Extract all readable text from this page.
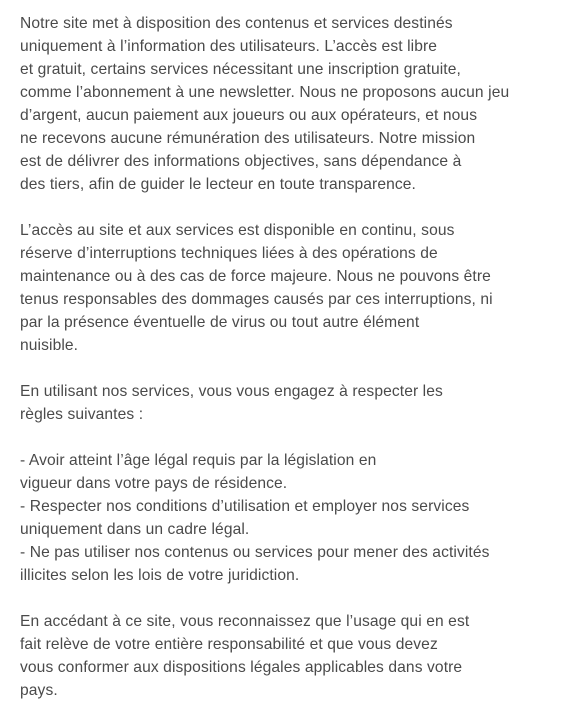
Notre site met à disposition des contenus et services destinés
uniquement à l’information des utilisateurs. L’accès est libre
et gratuit, certains services nécessitant une inscription gratuite,
comme l’abonnement à une newsletter. Nous ne proposons aucun jeu
d’argent, aucun paiement aux joueurs ou aux opérateurs, et nous
ne recevons aucune rémunération des utilisateurs. Notre mission
est de délivrer des informations objectives, sans dépendance à
des tiers, afin de guider le lecteur en toute transparence.

L’accès au site et aux services est disponible en continu, sous
réserve d’interruptions techniques liées à des opérations de
maintenance ou à des cas de force majeure. Nous ne pouvons être
tenus responsables des dommages causés par ces interruptions, ni
par la présence éventuelle de virus ou tout autre élément
nuisible.

En utilisant nos services, vous vous engagez à respecter les
règles suivantes :

- Avoir atteint l’âge légal requis par la législation en
vigueur dans votre pays de résidence.
- Respecter nos conditions d’utilisation et employer nos services
uniquement dans un cadre légal.
- Ne pas utiliser nos contenus ou services pour mener des activités
illicites selon les lois de votre juridiction.

En accédant à ce site, vous reconnaissez que l’usage qui en est
fait relève de votre entière responsabilité et que vous devez
vous conformer aux dispositions légales applicables dans votre
pays.
